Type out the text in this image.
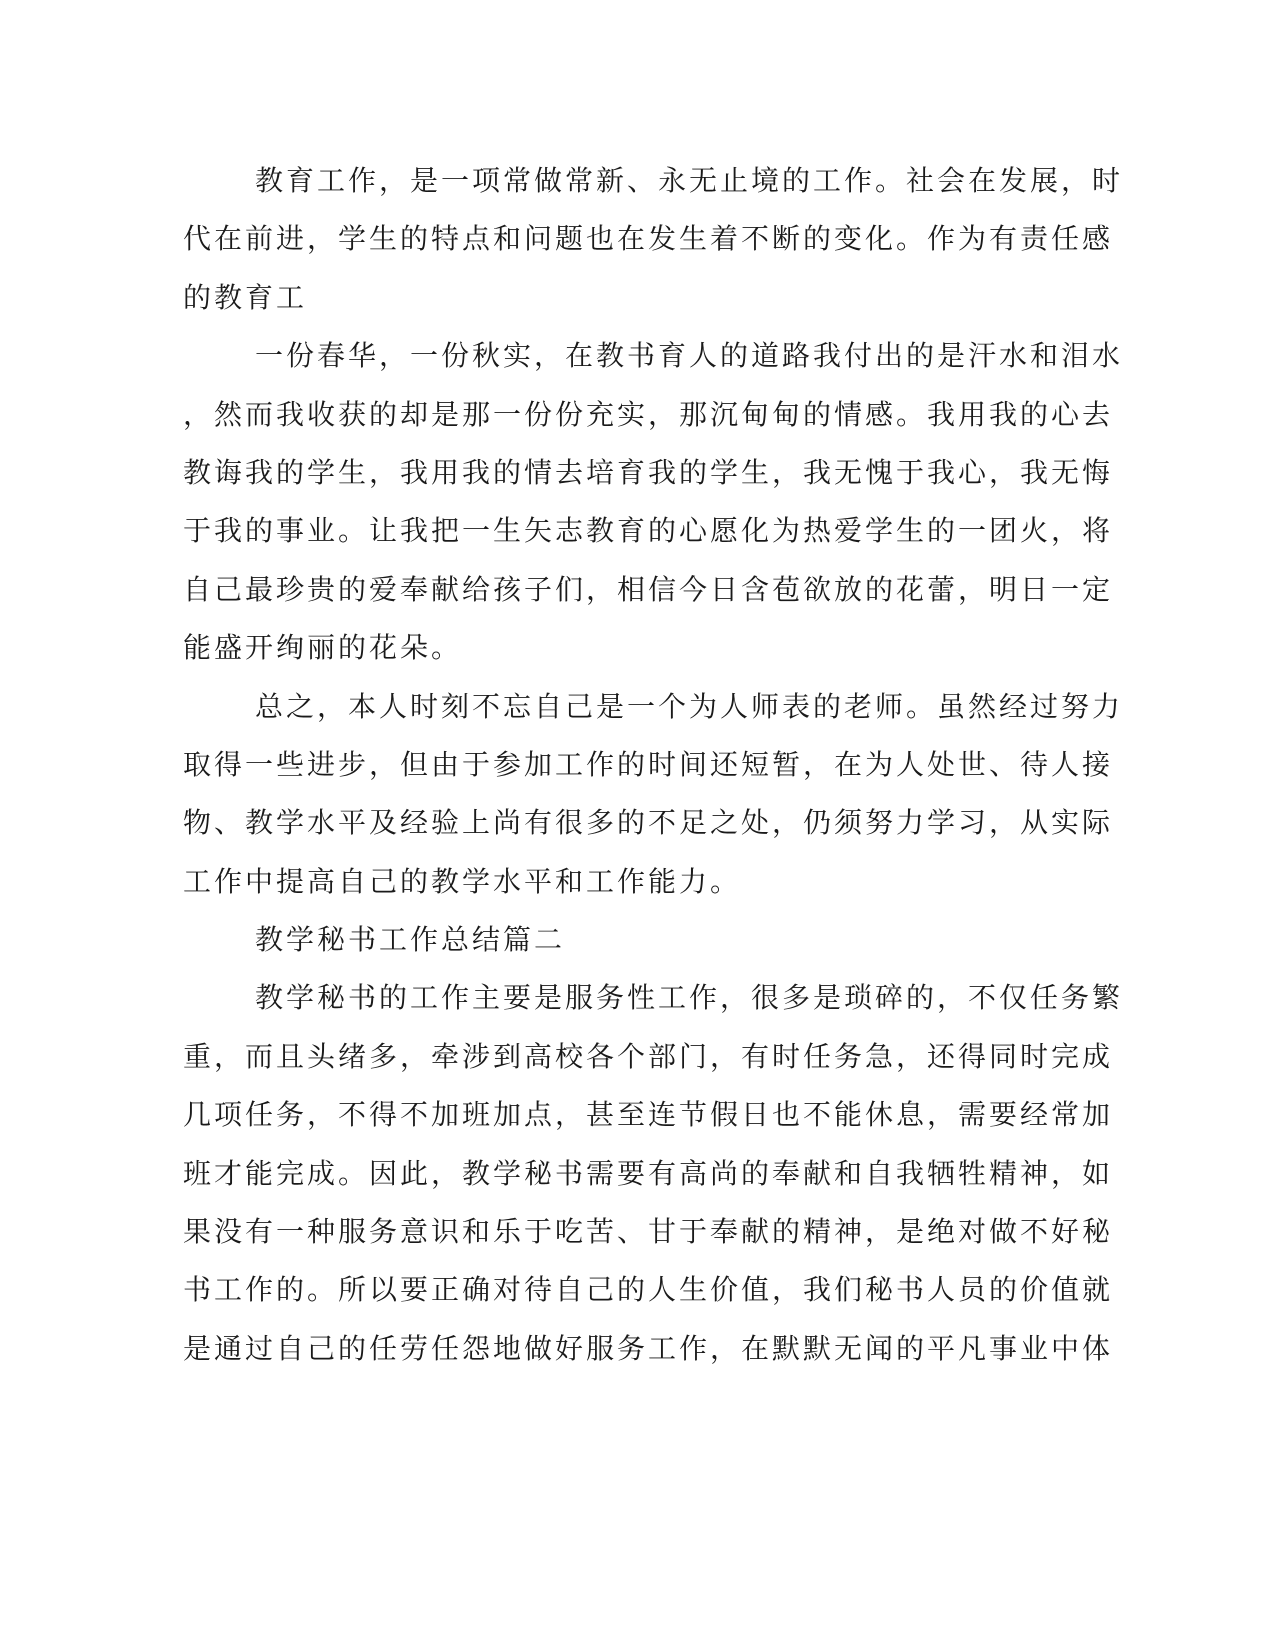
教育工作，是一项常做常新、永无止境的工作。社会在发展，时
代在前进，学生的特点和问题也在发生着不断的变化。作为有责任感
的教育工
一份春华，一份秋实，在教书育人的道路我付出的是汗水和泪水
，然而我收获的却是那一份份充实，那沉甸甸的情感。我用我的心去
教诲我的学生，我用我的情去培育我的学生，我无愧于我心，我无悔
于我的事业。让我把一生矢志教育的心愿化为热爱学生的一团火，将
自己最珍贵的爱奉献给孩子们，相信今日含苞欲放的花蕾，明日一定
能盛开绚丽的花朵。
总之，本人时刻不忘自己是一个为人师表的老师。虽然经过努力
取得一些进步，但由于参加工作的时间还短暂，在为人处世、待人接
物、教学水平及经验上尚有很多的不足之处，仍须努力学习，从实际
工作中提高自己的教学水平和工作能力。
教学秘书工作总结篇二
教学秘书的工作主要是服务性工作，很多是琐碎的，不仅任务繁
重，而且头绪多，牵涉到高校各个部门，有时任务急，还得同时完成
几项任务，不得不加班加点，甚至连节假日也不能休息，需要经常加
班才能完成。因此，教学秘书需要有高尚的奉献和自我牺牲精神，如
果没有一种服务意识和乐于吃苦、甘于奉献的精神，是绝对做不好秘
书工作的。所以要正确对待自己的人生价值，我们秘书人员的价值就
是通过自己的任劳任怨地做好服务工作，在默默无闻的平凡事业中体
